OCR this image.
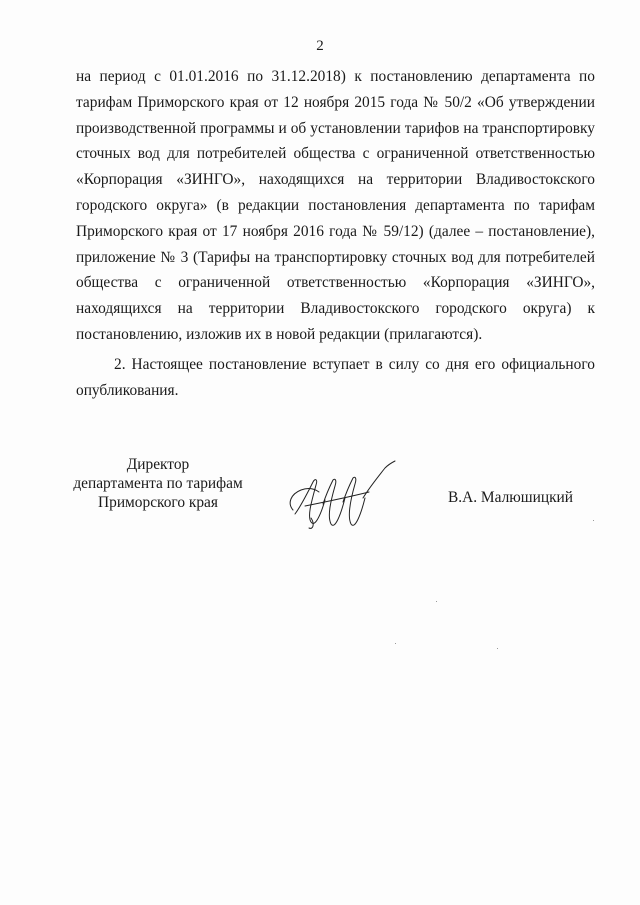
2

на период с 01.01.2016 по 31.12.2018) к постановлению департамента по тарифам Приморского края от 12 ноября 2015 года № 50/2 «Об утверждении производственной программы и об установлении тарифов на транспортировку сточных вод для потребителей общества с ограниченной ответственностью «Корпорация «ЗИНГО», находящихся на территории Владивостокского городского округа» (в редакции постановления департамента по тарифам Приморского края от 17 ноября 2016 года № 59/12) (далее – постановление), приложение № 3 (Тарифы на транспортировку сточных вод для потребителей общества с ограниченной ответственностью «Корпорация «ЗИНГО», находящихся на территории Владивостокского городского округа) к постановлению, изложив их в новой редакции (прилагаются).

2. Настоящее постановление вступает в силу со дня его официального опубликования.

Директор
департамента по тарифам
Приморского края	В.А. Малюшицкий
